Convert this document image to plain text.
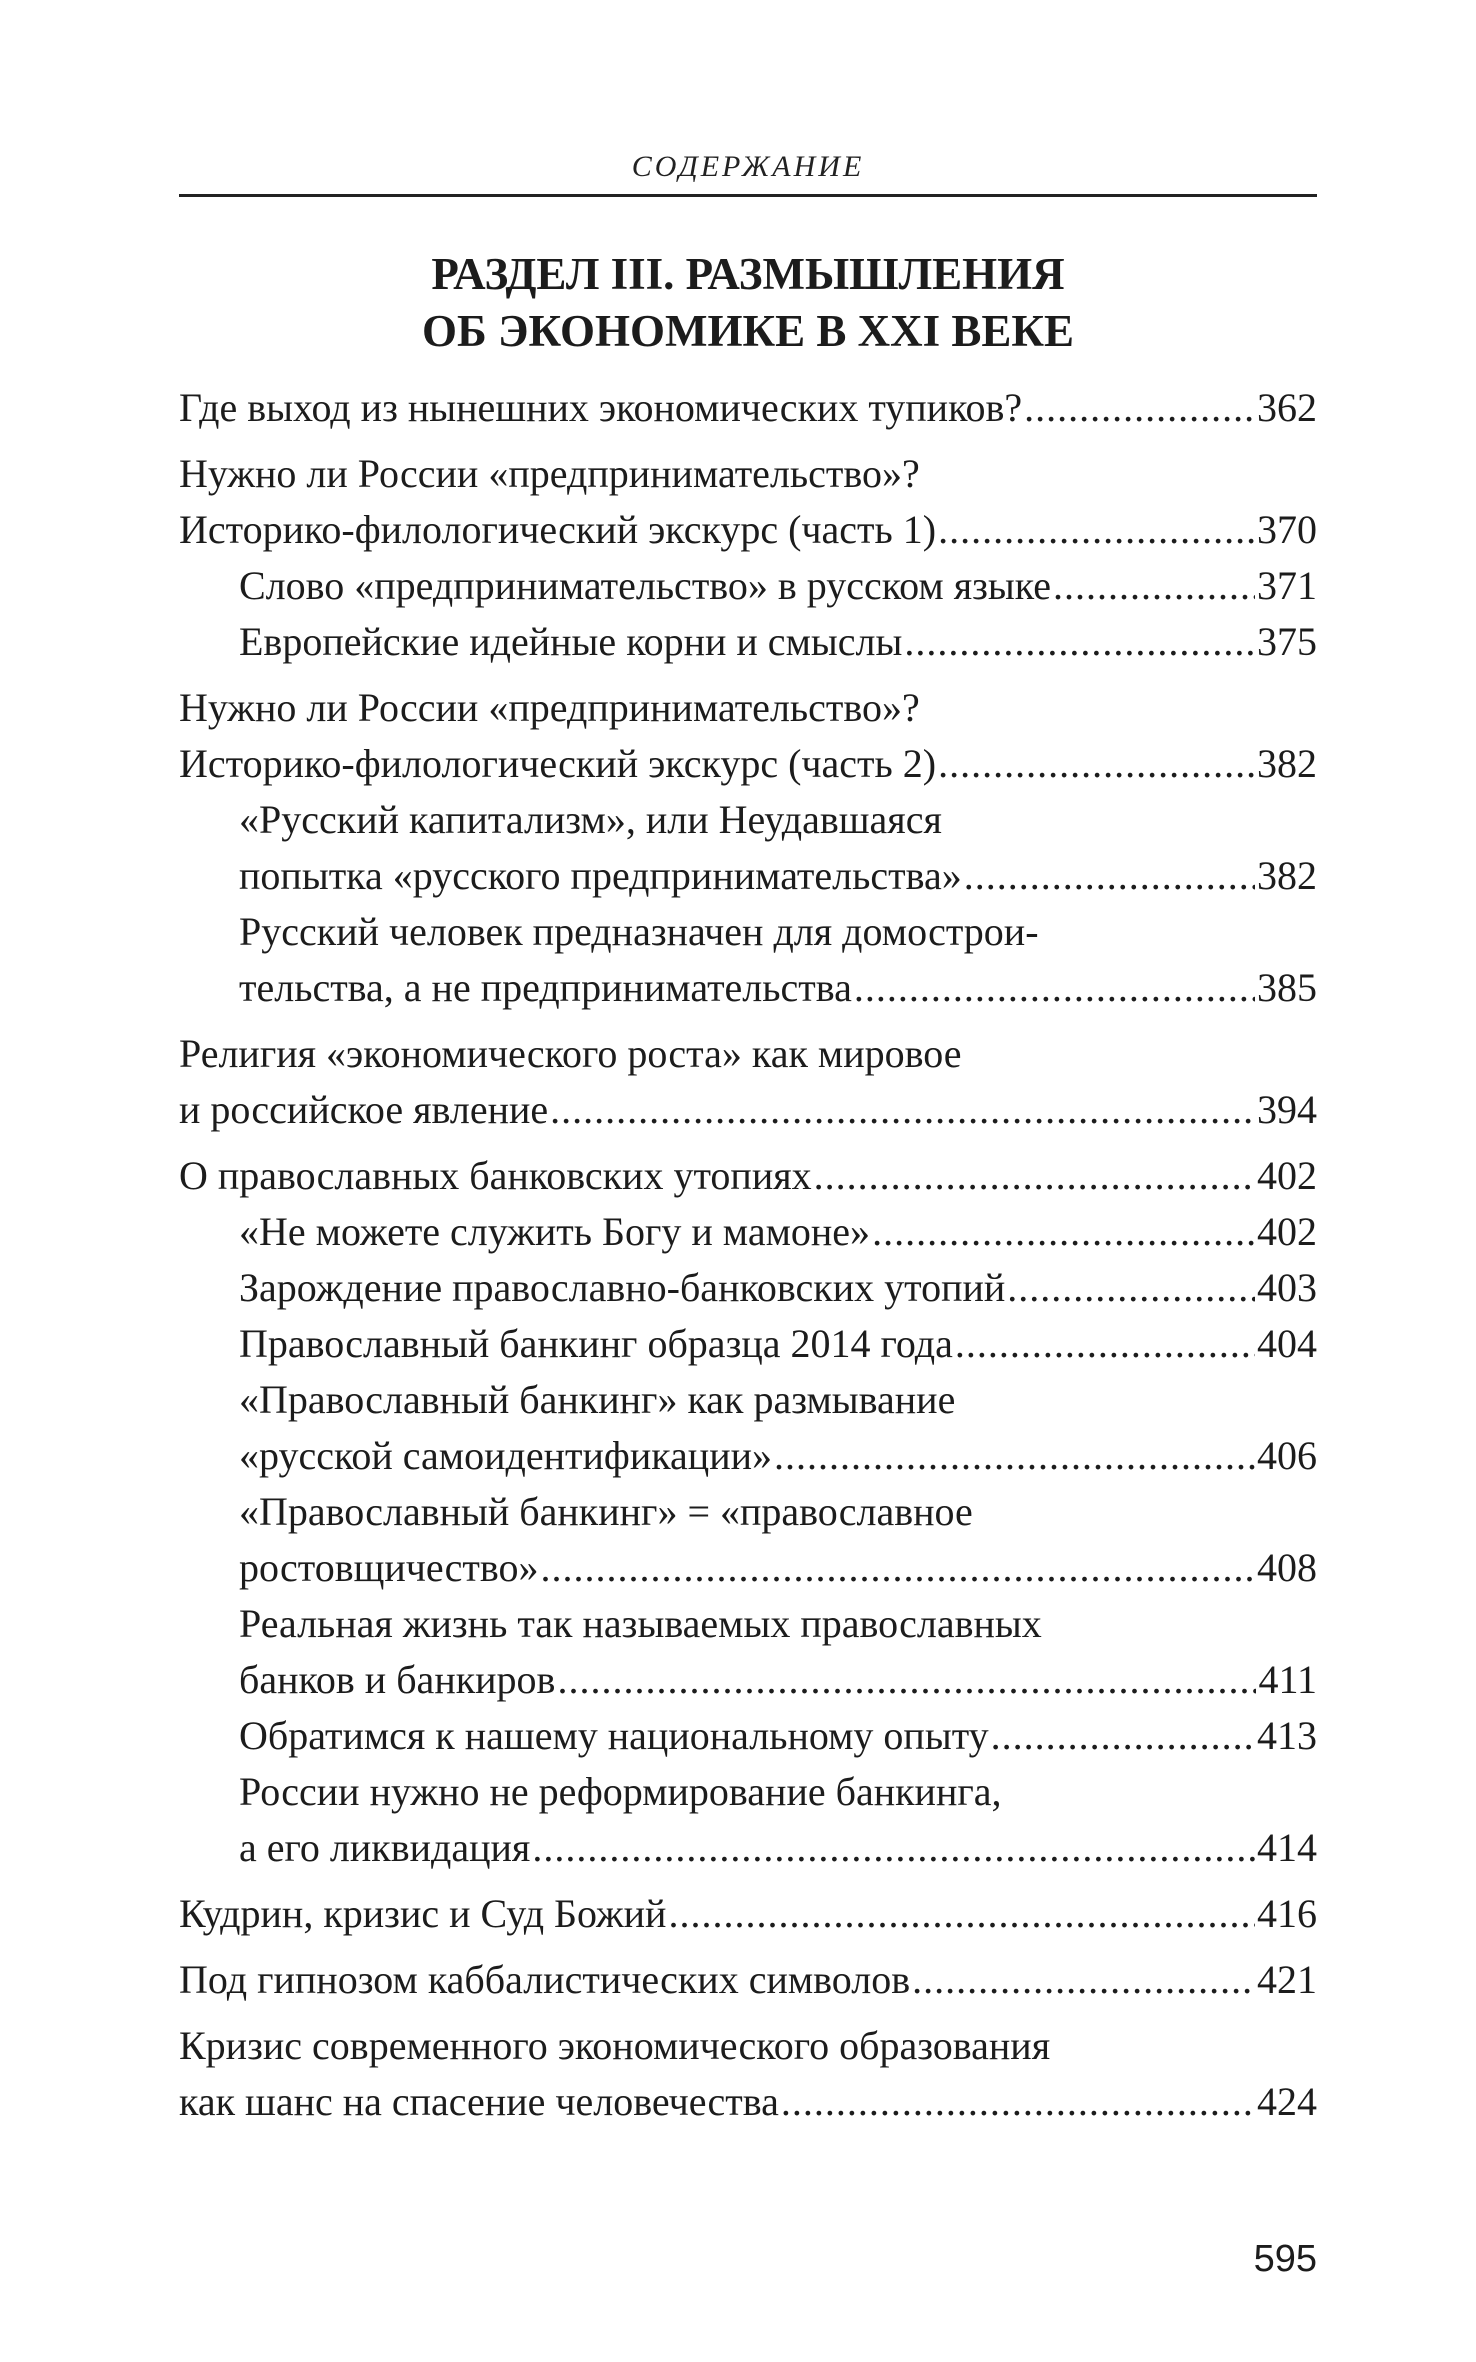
СОДЕРЖАНИЕ
РАЗДЕЛ III. РАЗМЫШЛЕНИЯ
ОБ ЭКОНОМИКЕ В XXI ВЕКЕ
Где выход из нынешних экономических тупиков? .....	362
Нужно ли России «предпринимательство»?
Историко-филологический экскурс (часть 1) .....	370
Слово «предпринимательство» в русском языке .....	371
Европейские идейные корни и смыслы .....	375
Нужно ли России «предпринимательство»?
Историко-филологический экскурс (часть 2) .....	382
«Русский капитализм», или Неудавшаяся
попытка «русского предпринимательства» .....	382
Русский человек предназначен для домострои-
тельства, а не предпринимательства .....	385
Религия «экономического роста» как мировое
и российское явление .....	394
О православных банковских утопиях .....	402
«Не можете служить Богу и мамоне» .....	402
Зарождение православно-банковских утопий .....	403
Православный банкинг образца 2014 года .....	404
«Православный банкинг» как размывание
«русской самоидентификации» .....	406
«Православный банкинг» = «православное
ростовщичество» .....	408
Реальная жизнь так называемых православных
банков и банкиров .....	411
Обратимся к нашему национальному опыту .....	413
России нужно не реформирование банкинга,
а его ликвидация .....	414
Кудрин, кризис и Суд Божий .....	416
Под гипнозом каббалистических символов .....	421
Кризис современного экономического образования
как шанс на спасение человечества .....	424
595
